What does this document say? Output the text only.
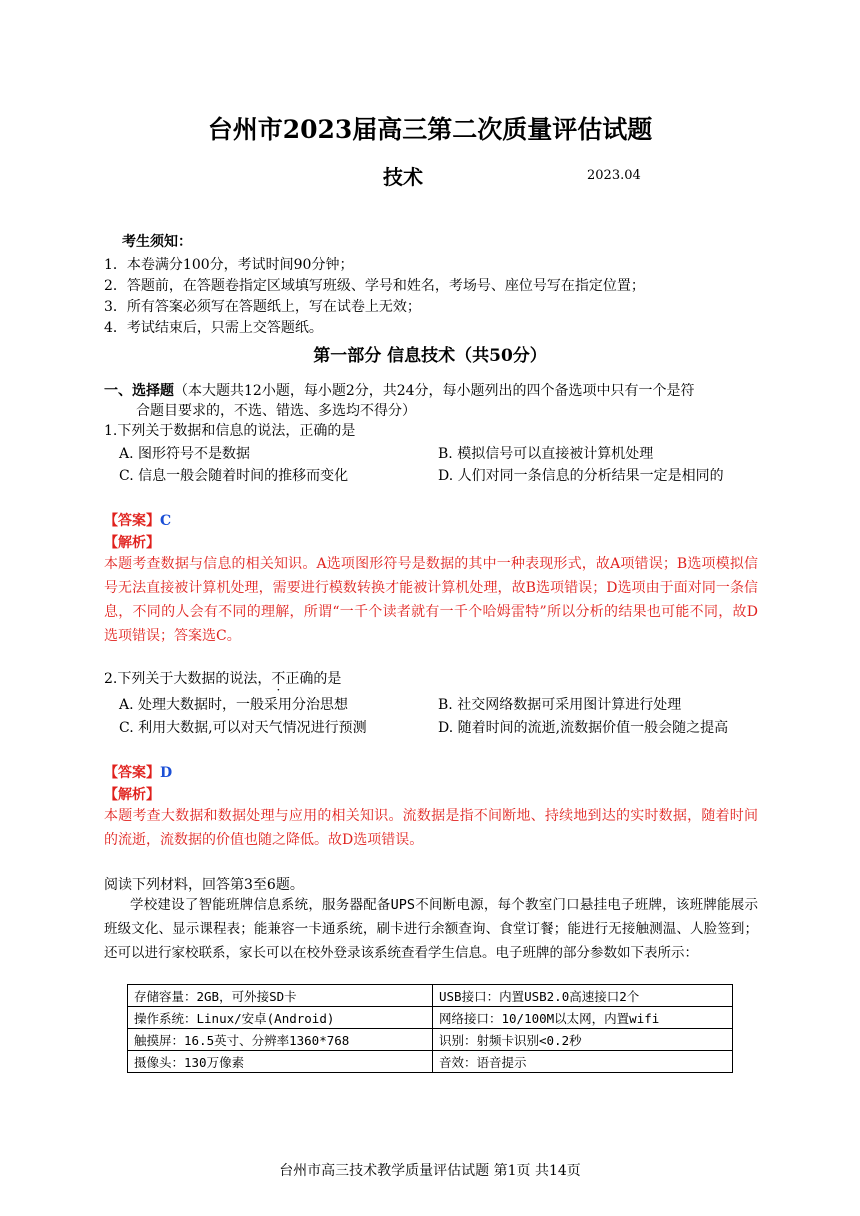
台州市2023届高三第二次质量评估试题
技术	2023.04
考生须知：
1．本卷满分100分，考试时间90分钟；
2．答题前，在答题卷指定区域填写班级、学号和姓名，考场号、座位号写在指定位置；
3．所有答案必须写在答题纸上，写在试卷上无效；
4．考试结束后，只需上交答题纸。
第一部分 信息技术（共50分）
一、选择题（本大题共12小题，每小题2分，共24分，每小题列出的四个备选项中只有一个是符
合题目要求的，不选、错选、多选均不得分）
1.下列关于数据和信息的说法，正确的是
A. 图形符号不是数据	B. 模拟信号可以直接被计算机处理
C. 信息一般会随着时间的推移而变化	D. 人们对同一条信息的分析结果一定是相同的
【答案】C
【解析】
本题考查数据与信息的相关知识。A选项图形符号是数据的其中一种表现形式，故A项错误；B选项模拟信号无法直接被计算机处理，需要进行模数转换才能被计算机处理，故B选项错误；D选项由于面对同一条信息，不同的人会有不同的理解，所谓“一千个读者就有一千个哈姆雷特”所以分析的结果也可能不同，故D选项错误；答案选C。
2.下列关于大数据的说法，不正确的是
A. 处理大数据时，一般采用分治思想	B. 社交网络数据可采用图计算进行处理
C. 利用大数据,可以对天气情况进行预测	D. 随着时间的流逝,流数据价值一般会随之提高
【答案】D
【解析】
本题考查大数据和数据处理与应用的相关知识。流数据是指不间断地、持续地到达的实时数据，随着时间的流逝，流数据的价值也随之降低。故D选项错误。
阅读下列材料，回答第3至6题。
学校建设了智能班牌信息系统，服务器配备UPS不间断电源，每个教室门口悬挂电子班牌，该班牌能展示班级文化、显示课程表；能兼容一卡通系统，刷卡进行余额查询、食堂订餐；能进行无接触测温、人脸签到；还可以进行家校联系，家长可以在校外登录该系统查看学生信息。电子班牌的部分参数如下表所示：
存储容量：2GB，可外接SD卡	USB接口：内置USB2.0高速接口2个
操作系统：Linux/安卓(Android)	网络接口：10/100M以太网，内置wifi
触摸屏：16.5英寸、分辨率1360*768	识别：射频卡识别<0.2秒
摄像头：130万像素	音效：语音提示
台州市高三技术教学质量评估试题 第1页 共14页
